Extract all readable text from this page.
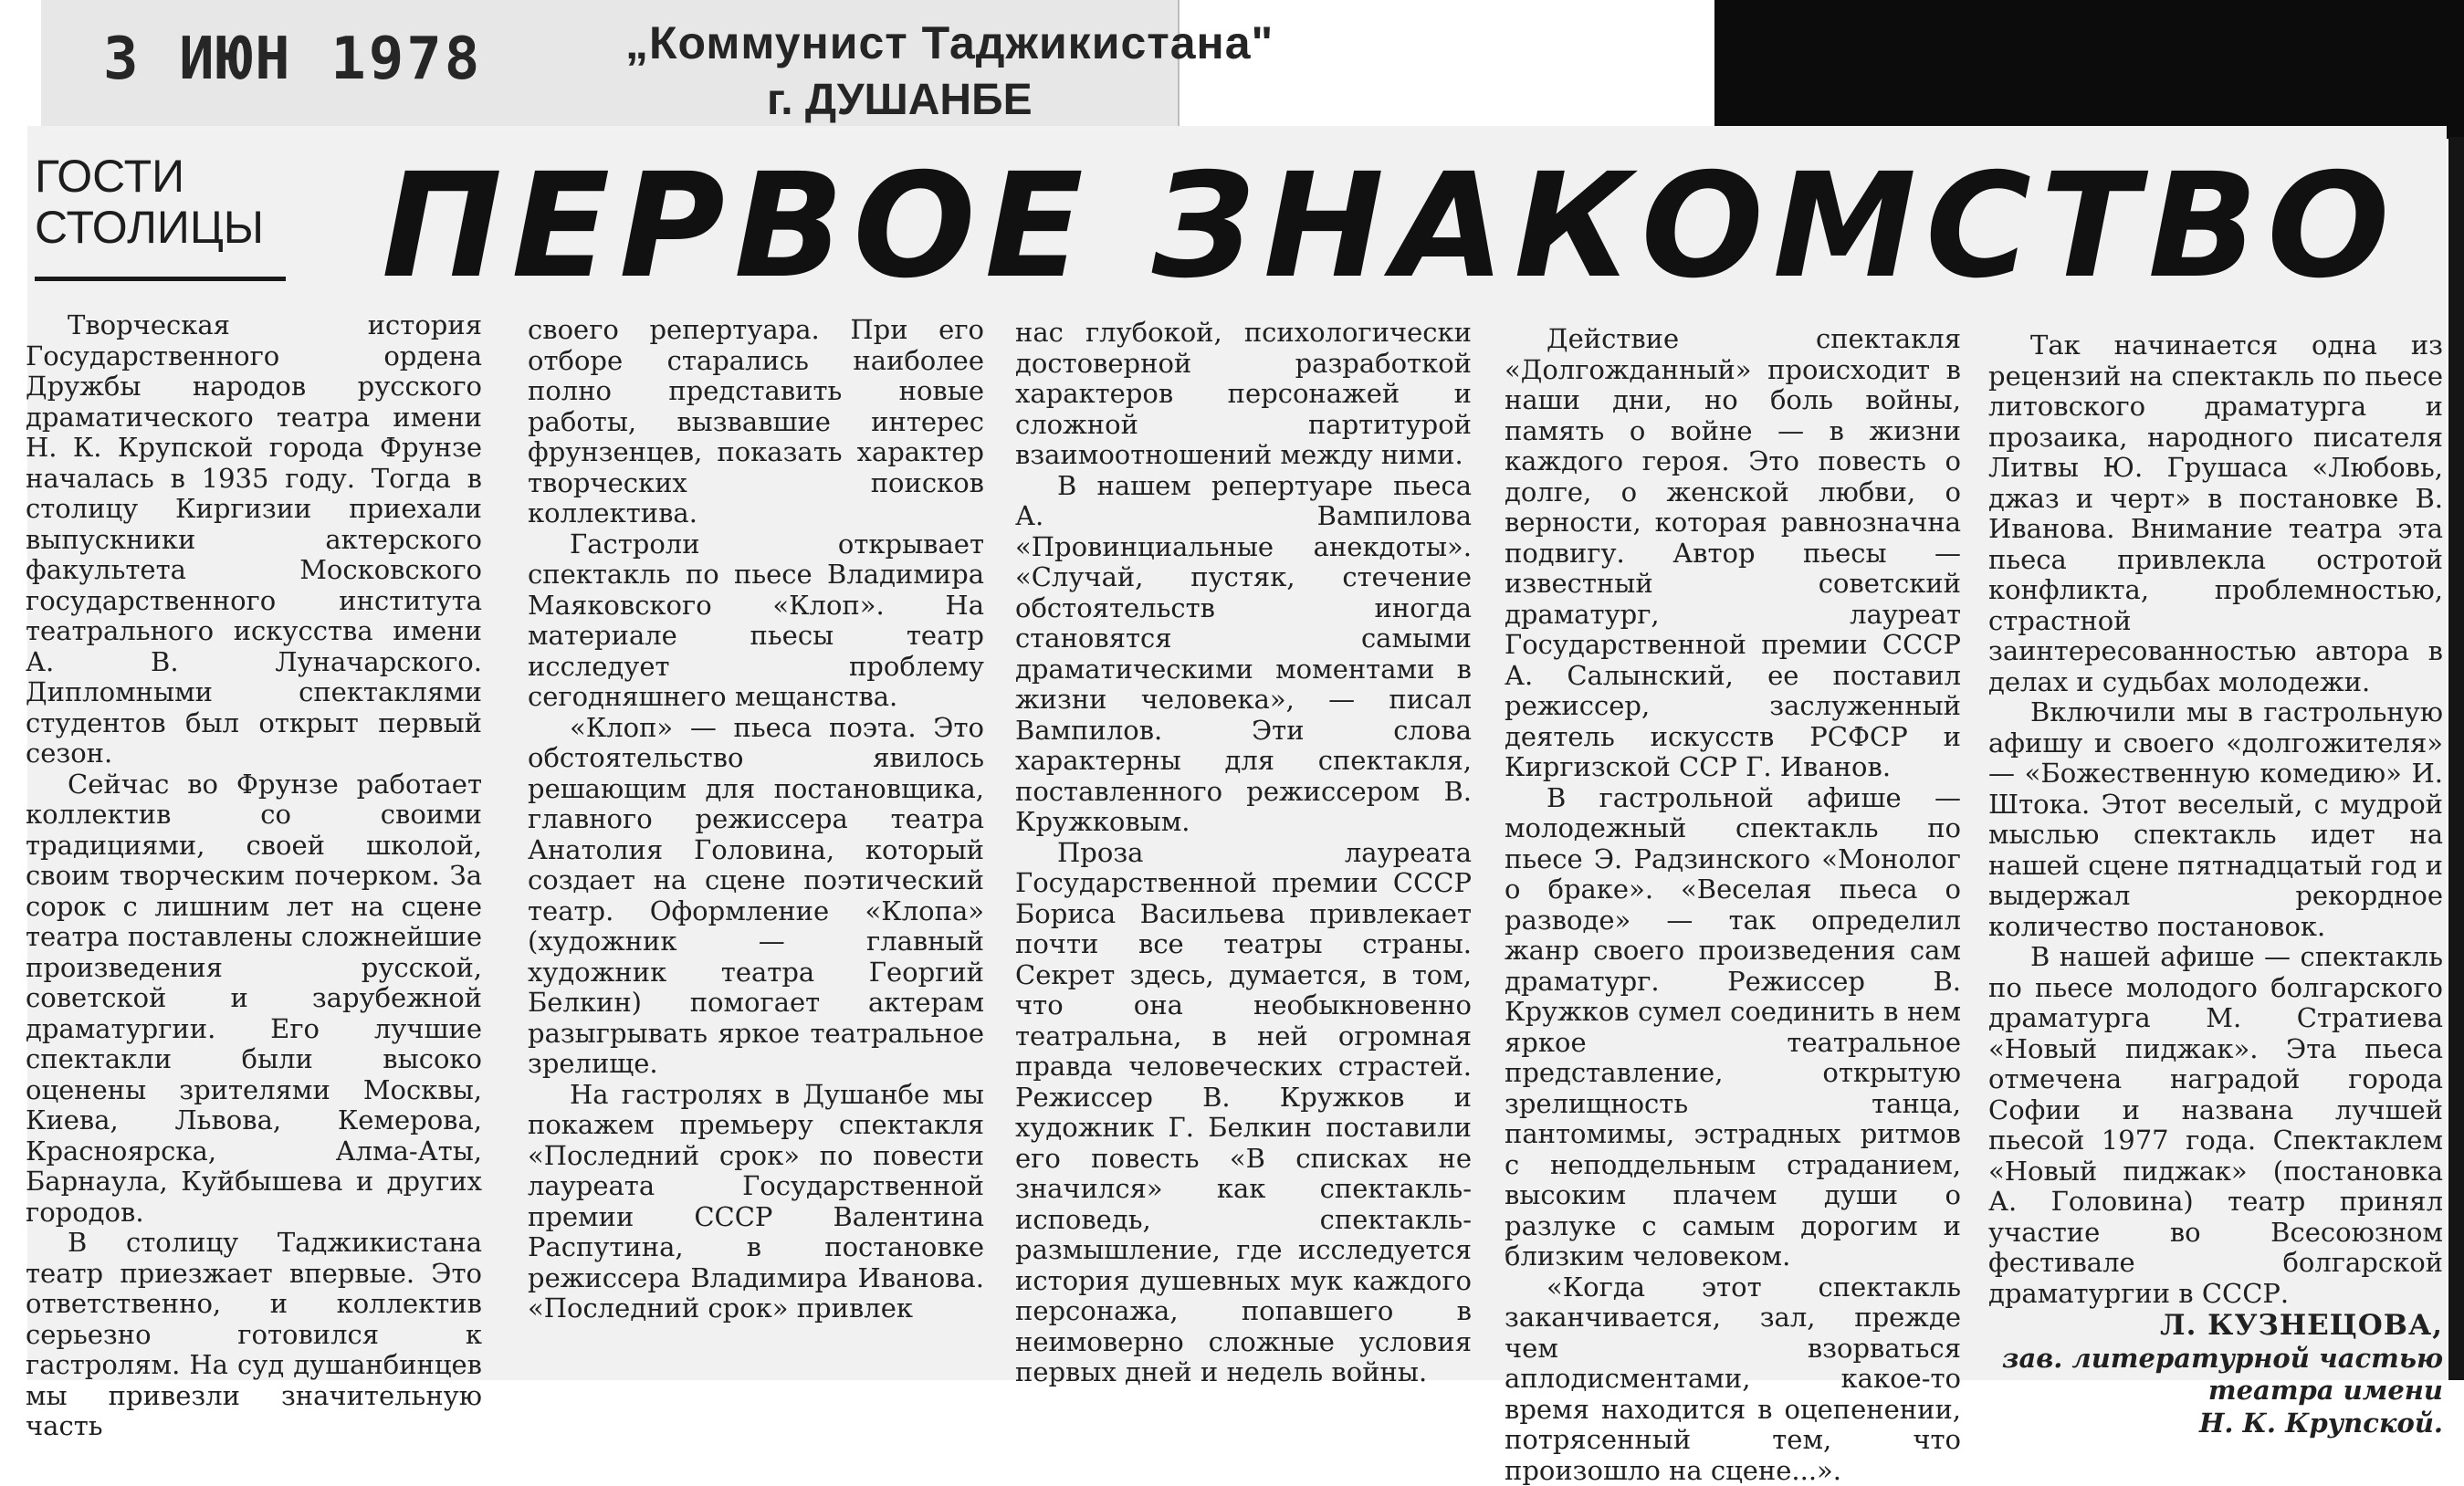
3 ИЮН 1978	„Коммунист Таджикистана"
г. ДУШАНБЕ
ГОСТИ
СТОЛИЦЫ ПЕРВОЕ ЗНАКОМСТВО

Творческая история Государственного ордена Дружбы народов русского драматического театра имени Н. К. Крупской города Фрунзе началась в 1935 году. Тогда в столицу Киргизии приехали выпускники актерского факультета Московского государственного института театрального искусства имени А. В. Луначарского. Дипломными спектаклями студентов был открыт первый сезон.

Сейчас во Фрунзе работает коллектив со своими традициями, своей школой, своим творческим почерком. За сорок с лишним лет на сцене театра поставлены сложнейшие произведения русской, советской и зарубежной драматургии. Его лучшие спектакли были высоко оценены зрителями Москвы, Киева, Львова, Кемерова, Красноярска, Алма-Аты, Барнаула, Куйбышева и других городов.

В столицу Таджикистана театр приезжает впервые. Это ответственно, и коллектив серьезно готовился к гастролям. На суд душанбинцев мы привезли значительную часть

своего репертуара. При его отборе старались наиболее полно представить новые работы, вызвавшие интерес фрунзенцев, показать характер творческих поисков коллектива.

Гастроли открывает спектакль по пьесе Владимира Маяковского «Клоп». На материале пьесы театр исследует проблему сегодняшнего мещанства.

«Клоп» — пьеса поэта. Это обстоятельство явилось решающим для постановщика, главного режиссера театра Анатолия Головина, который создает на сцене поэтический театр. Оформление «Клопа» (художник — главный художник театра Георгий Белкин) помогает актерам разыгрывать яркое театральное зрелище.

На гастролях в Душанбе мы покажем премьеру спектакля «Последний срок» по повести лауреата Государственной премии СССР Валентина Распутина, в постановке режиссера Владимира Иванова. «Последний срок» привлек

нас глубокой, психологически достоверной разработкой характеров персонажей и сложной партитурой взаимоотношений между ними.

В нашем репертуаре пьеса А. Вампилова «Провинциальные анекдоты». «Случай, пустяк, стечение обстоятельств иногда становятся самыми драматическими моментами в жизни человека», — писал Вампилов. Эти слова характерны для спектакля, поставленного режиссером В. Кружковым.

Проза лауреата Государственной премии СССР Бориса Васильева привлекает почти все театры страны. Секрет здесь, думается, в том, что она необыкновенно театральна, в ней огромная правда человеческих страстей. Режиссер В. Кружков и художник Г. Белкин поставили его повесть «В списках не значился» как спектакль-исповедь, спектакль-размышление, где исследуется история душевных мук каждого персонажа, попавшего в неимоверно сложные условия первых дней и недель войны.

Действие спектакля «Долгожданный» происходит в наши дни, но боль войны, память о войне — в жизни каждого героя. Это повесть о долге, о женской любви, о верности, которая равнозначна подвигу. Автор пьесы — известный советский драматург, лауреат Государственной премии СССР А. Салынский, ее поставил режиссер, заслуженный деятель искусств РСФСР и Киргизской ССР Г. Иванов.

В гастрольной афише — молодежный спектакль по пьесе Э. Радзинского «Монолог о браке». «Веселая пьеса о разводе» — так определил жанр своего произведения сам драматург. Режиссер В. Кружков сумел соединить в нем яркое театральное представление, открытую зрелищность танца, пантомимы, эстрадных ритмов с неподдельным страданием, высоким плачем души о разлуке с самым дорогим и близким человеком.

«Когда этот спектакль заканчивается, зал, прежде чем взорваться аплодисментами, какое-то время находится в оцепенении, потрясенный тем, что произошло на сцене...».

Так начинается одна из рецензий на спектакль по пьесе литовского драматурга и прозаика, народного писателя Литвы Ю. Грушаса «Любовь, джаз и черт» в постановке В. Иванова. Внимание театра эта пьеса привлекла остротой конфликта, проблемностью, страстной заинтересованностью автора в делах и судьбах молодежи.

Включили мы в гастрольную афишу и своего «долгожителя» — «Божественную комедию» И. Штока. Этот веселый, с мудрой мыслью спектакль идет на нашей сцене пятнадцатый год и выдержал рекордное количество постановок.

В нашей афише — спектакль по пьесе молодого болгарского драматурга М. Стратиева «Новый пиджак». Эта пьеса отмечена наградой города Софии и названа лучшей пьесой 1977 года. Спектаклем «Новый пиджак» (постановка А. Головина) театр принял участие во Всесоюзном фестивале болгарской драматургии в СССР.

Л. КУЗНЕЦОВА,
зав. литературной частью
театра имени
Н. К. Крупской.
